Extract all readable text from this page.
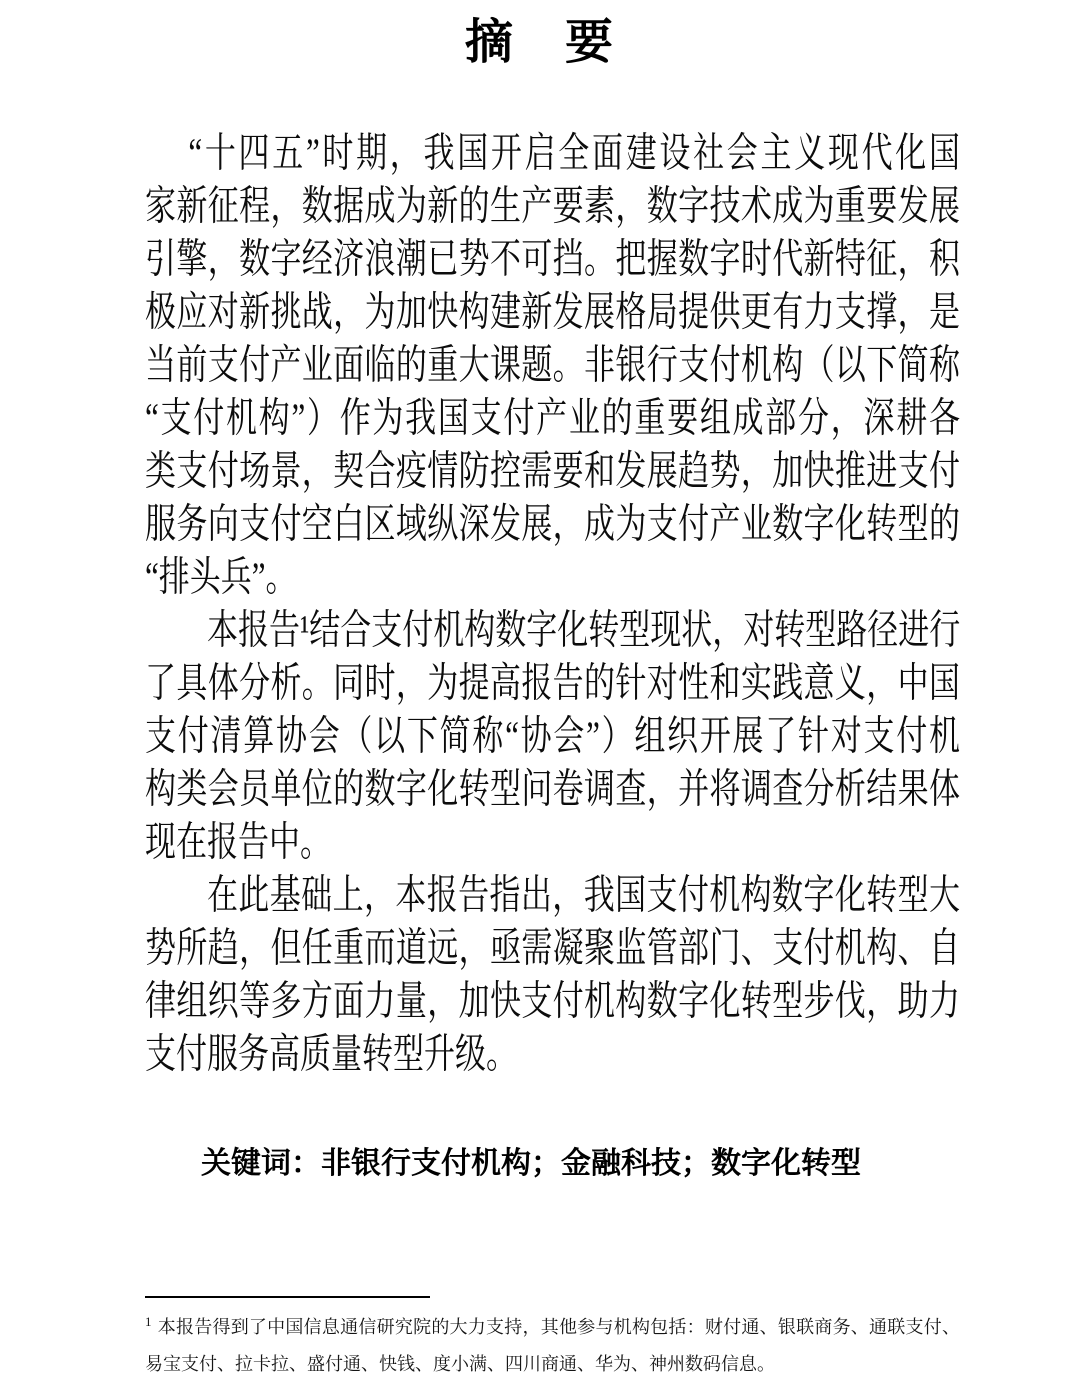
摘　要
“十四五”时期，我国开启全面建设社会主义现代化国
家新征程，数据成为新的生产要素，数字技术成为重要发展
引擎，数字经济浪潮已势不可挡。把握数字时代新特征，积
极应对新挑战，为加快构建新发展格局提供更有力支撑，是
当前支付产业面临的重大课题。非银行支付机构（以下简称
“支付机构”）作为我国支付产业的重要组成部分，深耕各
类支付场景，契合疫情防控需要和发展趋势，加快推进支付
服务向支付空白区域纵深发展，成为支付产业数字化转型的
“排头兵”。
本报告¹结合支付机构数字化转型现状，对转型路径进行
了具体分析。同时，为提高报告的针对性和实践意义，中国
支付清算协会（以下简称“协会”）组织开展了针对支付机
构类会员单位的数字化转型问卷调查，并将调查分析结果体
现在报告中。
在此基础上，本报告指出，我国支付机构数字化转型大
势所趋，但任重而道远，亟需凝聚监管部门、支付机构、自
律组织等多方面力量，加快支付机构数字化转型步伐，助力
支付服务高质量转型升级。
关键词：非银行支付机构；金融科技；数字化转型
$^1$ 本报告得到了中国信息通信研究院的大力支持，其他参与机构包括：财付通、银联商务、通联支付、易宝支付、拉卡拉、盛付通、快钱、度小满、四川商通、华为、神州数码信息。
